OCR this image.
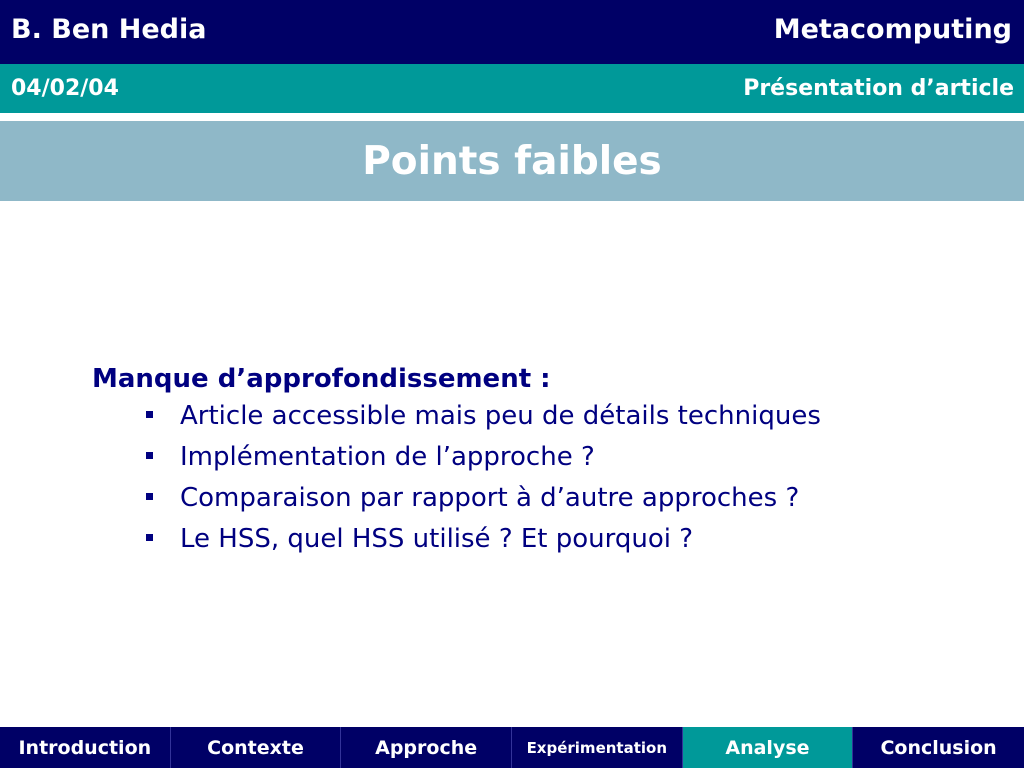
B. Ben Hedia	Metacomputing
04/02/04	Présentation d’article
Points faibles

Manque d’approfondissement :

Article accessible mais peu de détails techniques
Implémentation de l’approche ?
Comparaison par rapport à d’autre approches ?
Le HSS, quel HSS utilisé ? Et pourquoi ?
Introduction	Contexte	Approche	Expérimentation	Analyse	Conclusion
